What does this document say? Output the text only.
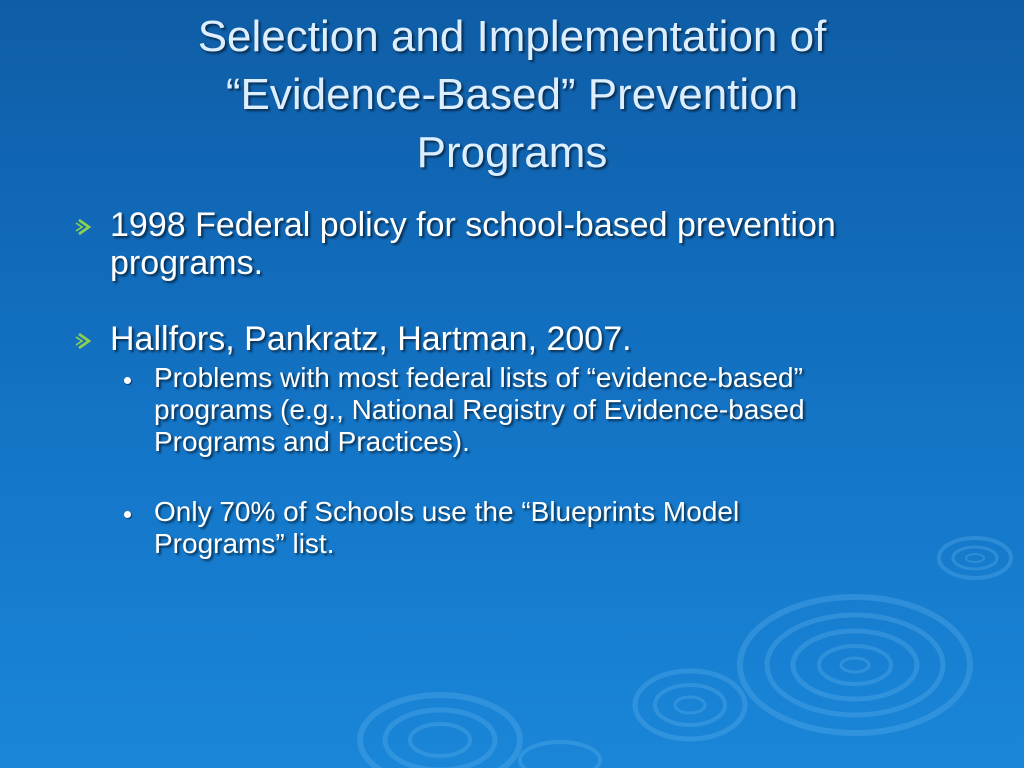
Selection and Implementation of
“Evidence-Based” Prevention
Programs
1998 Federal policy for school-based prevention
programs.
Hallfors, Pankratz, Hartman, 2007.
Problems with most federal lists of “evidence-based”
programs (e.g., National Registry of Evidence-based
Programs and Practices).
Only 70% of Schools use the “Blueprints Model
Programs” list.
